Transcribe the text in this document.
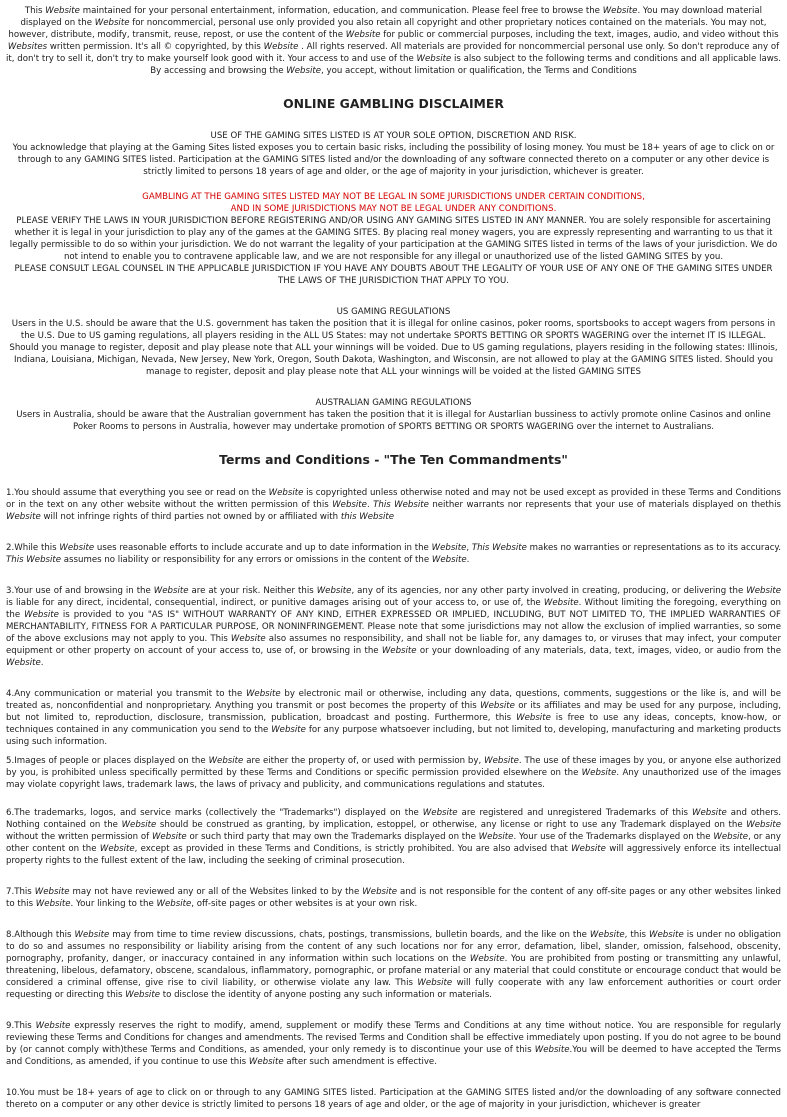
This Website maintained for your personal entertainment, information, education, and communication. Please feel free to browse the Website. You may download material displayed on the Website for noncommercial, personal use only provided you also retain all copyright and other proprietary notices contained on the materials. You may not, however, distribute, modify, transmit, reuse, repost, or use the content of the Website for public or commercial purposes, including the text, images, audio, and video without this Websites written permission. It's all © copyrighted, by this Website . All rights reserved. All materials are provided for noncommercial personal use only. So don't reproduce any of it, don't try to sell it, don't try to make yourself look good with it. Your access to and use of the Website is also subject to the following terms and conditions and all applicable laws. By accessing and browsing the Website, you accept, without limitation or qualification, the Terms and Conditions

ONLINE GAMBLING DISCLAIMER
USE OF THE GAMING SITES LISTED IS AT YOUR SOLE OPTION, DISCRETION AND RISK.
You acknowledge that playing at the Gaming Sites listed exposes you to certain basic risks, including the possibility of losing money. You must be 18+ years of age to click on or through to any GAMING SITES listed. Participation at the GAMING SITES listed and/or the downloading of any software connected thereto on a computer or any other device is strictly limited to persons 18 years of age and older, or the age of majority in your jurisdiction, whichever is greater.
GAMBLING AT THE GAMING SITES LISTED MAY NOT BE LEGAL IN SOME JURISDICTIONS UNDER CERTAIN CONDITIONS,
AND IN SOME JURISDICTIONS MAY NOT BE LEGAL UNDER ANY CONDITIONS.
PLEASE VERIFY THE LAWS IN YOUR JURISDICTION BEFORE REGISTERING AND/OR USING ANY GAMING SITES LISTED IN ANY MANNER. You are solely responsible for ascertaining whether it is legal in your jurisdiction to play any of the games at the GAMING SITES. By placing real money wagers, you are expressly representing and warranting to us that it legally permissible to do so within your jurisdiction. We do not warrant the legality of your participation at the GAMING SITES listed in terms of the laws of your jurisdiction. We do not intend to enable you to contravene applicable law, and we are not responsible for any illegal or unauthorized use of the listed GAMING SITES by you.
PLEASE CONSULT LEGAL COUNSEL IN THE APPLICABLE JURISDICTION IF YOU HAVE ANY DOUBTS ABOUT THE LEGALITY OF YOUR USE OF ANY ONE OF THE GAMING SITES UNDER THE LAWS OF THE JURISDICTION THAT APPLY TO YOU.
US GAMING REGULATIONS
Users in the U.S. should be aware that the U.S. government has taken the position that it is illegal for online casinos, poker rooms, sportsbooks to accept wagers from persons in the U.S. Due to US gaming regulations, all players residing in the ALL US States: may not undertake SPORTS BETTING OR SPORTS WAGERING over the internet IT IS ILLEGAL. Should you manage to register, deposit and play please note that ALL your winnings will be voided. Due to US gaming regulations, players residing in the following states: Illinois, Indiana, Louisiana, Michigan, Nevada, New Jersey, New York, Oregon, South Dakota, Washington, and Wisconsin, are not allowed to play at the GAMING SITES listed. Should you manage to register, deposit and play please note that ALL your winnings will be voided at the listed GAMING SITES
AUSTRALIAN GAMING REGULATIONS
Users in Australia, should be aware that the Australian government has taken the position that it is illegal for Austarlian bussiness to activly promote online Casinos and online Poker Rooms to persons in Australia, however may undertake promotion of SPORTS BETTING OR SPORTS WAGERING over the internet to Australians.
Terms and Conditions - "The Ten Commandments"

1.You should assume that everything you see or read on the Website is copyrighted unless otherwise noted and may not be used except as provided in these Terms and Conditions or in the text on any other website without the written permission of this Website. This Website neither warrants nor represents that your use of materials displayed on thethis Website will not infringe rights of third parties not owned by or affiliated with this Website

2.While this Website uses reasonable efforts to include accurate and up to date information in the Website, This Website makes no warranties or representations as to its accuracy. This Website assumes no liability or responsibility for any errors or omissions in the content of the Website.

3.Your use of and browsing in the Website are at your risk. Neither this Website, any of its agencies, nor any other party involved in creating, producing, or delivering the Website is liable for any direct, incidental, consequential, indirect, or punitive damages arising out of your access to, or use of, the Website. Without limiting the foregoing, everything on the Website is provided to you "AS IS" WITHOUT WARRANTY OF ANY KIND, EITHER EXPRESSED OR IMPLIED, INCLUDING, BUT NOT LIMITED TO, THE IMPLIED WARRANTIES OF MERCHANTABILITY, FITNESS FOR A PARTICULAR PURPOSE, OR NONINFRINGEMENT. Please note that some jurisdictions may not allow the exclusion of implied warranties, so some of the above exclusions may not apply to you. This Website also assumes no responsibility, and shall not be liable for, any damages to, or viruses that may infect, your computer equipment or other property on account of your access to, use of, or browsing in the Website or your downloading of any materials, data, text, images, video, or audio from the Website.

4.Any communication or material you transmit to the Website by electronic mail or otherwise, including any data, questions, comments, suggestions or the like is, and will be treated as, nonconfidential and nonproprietary. Anything you transmit or post becomes the property of this Website or its affiliates and may be used for any purpose, including, but not limited to, reproduction, disclosure, transmission, publication, broadcast and posting. Furthermore, this Website is free to use any ideas, concepts, know-how, or techniques contained in any communication you send to the Website for any purpose whatsoever including, but not limited to, developing, manufacturing and marketing products using such information.

5.Images of people or places displayed on the Website are either the property of, or used with permission by, Website. The use of these images by you, or anyone else authorized by you, is prohibited unless specifically permitted by these Terms and Conditions or specific permission provided elsewhere on the Website. Any unauthorized use of the images may violate copyright laws, trademark laws, the laws of privacy and publicity, and communications regulations and statutes.

6.The trademarks, logos, and service marks (collectively the "Trademarks") displayed on the Website are registered and unregistered Trademarks of this Website and others. Nothing contained on the Website should be construed as granting, by implication, estoppel, or otherwise, any license or right to use any Trademark displayed on the Website without the written permission of Website or such third party that may own the Trademarks displayed on the Website. Your use of the Trademarks displayed on the Website, or any other content on the Website, except as provided in these Terms and Conditions, is strictly prohibited. You are also advised that Website will aggressively enforce its intellectual property rights to the fullest extent of the law, including the seeking of criminal prosecution.

7.This Website may not have reviewed any or all of the Websites linked to by the Website and is not responsible for the content of any off-site pages or any other websites linked to this Website. Your linking to the Website, off-site pages or other websites is at your own risk.

8.Although this Website may from time to time review discussions, chats, postings, transmissions, bulletin boards, and the like on the Website, this Website is under no obligation to do so and assumes no responsibility or liability arising from the content of any such locations nor for any error, defamation, libel, slander, omission, falsehood, obscenity, pornography, profanity, danger, or inaccuracy contained in any information within such locations on the Website. You are prohibited from posting or transmitting any unlawful, threatening, libelous, defamatory, obscene, scandalous, inflammatory, pornographic, or profane material or any material that could constitute or encourage conduct that would be considered a criminal offense, give rise to civil liability, or otherwise violate any law. This Website will fully cooperate with any law enforcement authorities or court order requesting or directing this Website to disclose the identity of anyone posting any such information or materials.

9.This Website expressly reserves the right to modify, amend, supplement or modify these Terms and Conditions at any time without notice. You are responsible for regularly reviewing these Terms and Conditions for changes and amendments. The revised Terms and Condition shall be effective immediately upon posting. If you do not agree to be bound by (or cannot comply with)these Terms and Conditions, as amended, your only remedy is to discontinue your use of this Website.You will be deemed to have accepted the Terms and Conditions, as amended, if you continue to use this Website after such amendment is effective.

10.You must be 18+ years of age to click on or through to any GAMING SITES listed. Participation at the GAMING SITES listed and/or the downloading of any software connected thereto on a computer or any other device is strictly limited to persons 18 years of age and older, or the age of majority in your jurisdiction, whichever is greater
